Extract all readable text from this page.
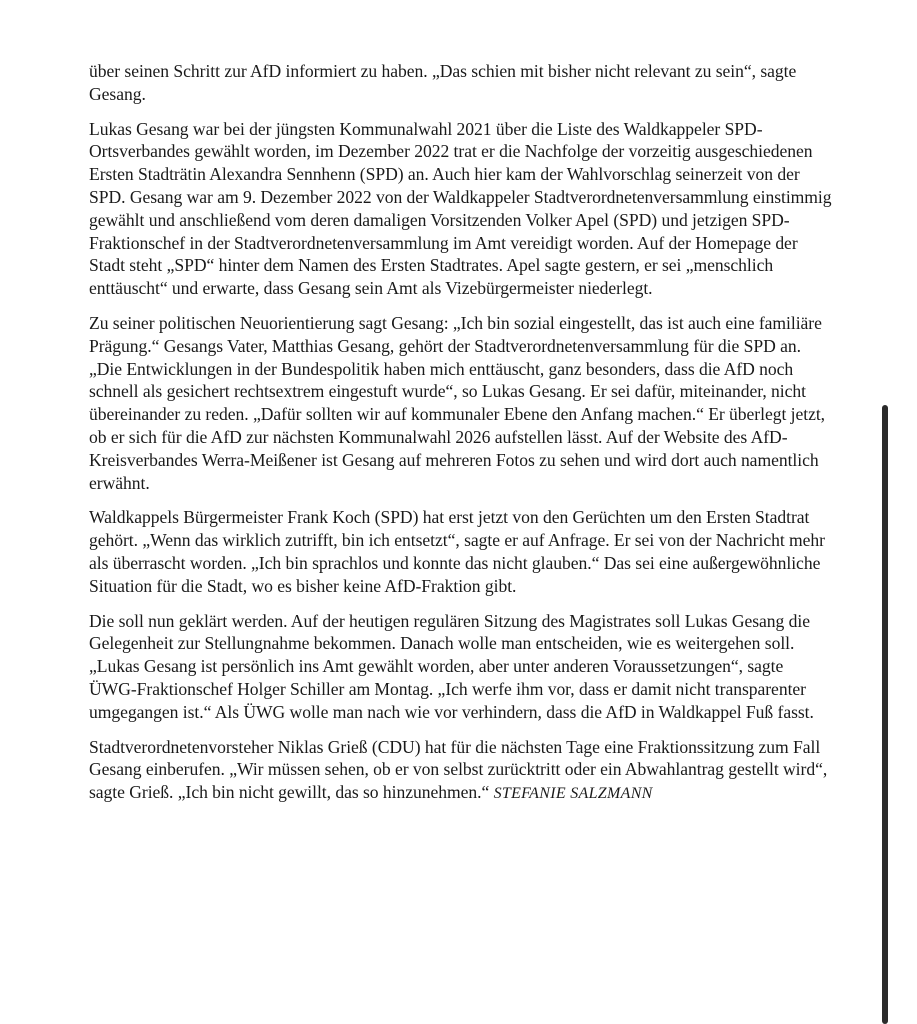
über seinen Schritt zur AfD informiert zu haben. „Das schien mit bisher nicht relevant zu sein“, sagte Gesang.

Lukas Gesang war bei der jüngsten Kommunalwahl 2021 über die Liste des Waldkappeler SPD-Ortsverbandes gewählt worden, im Dezember 2022 trat er die Nachfolge der vorzeitig ausgeschiedenen Ersten Stadträtin Alexandra Sennhenn (SPD) an. Auch hier kam der Wahlvorschlag seinerzeit von der SPD. Gesang war am 9. Dezember 2022 von der Waldkappeler Stadtverordnetenversammlung einstimmig gewählt und anschließend vom deren damaligen Vorsitzenden Volker Apel (SPD) und jetzigen SPD-Fraktionschef in der Stadtverordnetenversammlung im Amt vereidigt worden. Auf der Homepage der Stadt steht „SPD“ hinter dem Namen des Ersten Stadtrates. Apel sagte gestern, er sei „menschlich enttäuscht“ und erwarte, dass Gesang sein Amt als Vizebürgermeister niederlegt.

Zu seiner politischen Neuorientierung sagt Gesang: „Ich bin sozial eingestellt, das ist auch eine familiäre Prägung.“ Gesangs Vater, Matthias Gesang, gehört der Stadtverordnetenversammlung für die SPD an. „Die Entwicklungen in der Bundespolitik haben mich enttäuscht, ganz besonders, dass die AfD noch schnell als gesichert rechtsextrem eingestuft wurde“, so Lukas Gesang. Er sei dafür, miteinander, nicht übereinander zu reden. „Dafür sollten wir auf kommunaler Ebene den Anfang machen.“ Er überlegt jetzt, ob er sich für die AfD zur nächsten Kommunalwahl 2026 aufstellen lässt. Auf der Website des AfD-Kreisverbandes Werra-Meißener ist Gesang auf mehreren Fotos zu sehen und wird dort auch namentlich erwähnt.

Waldkappels Bürgermeister Frank Koch (SPD) hat erst jetzt von den Gerüchten um den Ersten Stadtrat gehört. „Wenn das wirklich zutrifft, bin ich entsetzt“, sagte er auf Anfrage. Er sei von der Nachricht mehr als überrascht worden. „Ich bin sprachlos und konnte das nicht glauben.“ Das sei eine außergewöhnliche Situation für die Stadt, wo es bisher keine AfD-Fraktion gibt.

Die soll nun geklärt werden. Auf der heutigen regulären Sitzung des Magistrates soll Lukas Gesang die Gelegenheit zur Stellungnahme bekommen. Danach wolle man entscheiden, wie es weitergehen soll. „Lukas Gesang ist persönlich ins Amt gewählt worden, aber unter anderen Voraussetzungen“, sagte ÜWG-Fraktionschef Holger Schiller am Montag. „Ich werfe ihm vor, dass er damit nicht transparenter umgegangen ist.“ Als ÜWG wolle man nach wie vor verhindern, dass die AfD in Waldkappel Fuß fasst.

Stadtverordnetenvorsteher Niklas Grieß (CDU) hat für die nächsten Tage eine Fraktionssitzung zum Fall Gesang einberufen. „Wir müssen sehen, ob er von selbst zurücktritt oder ein Abwahlantrag gestellt wird“, sagte Grieß. „Ich bin nicht gewillt, das so hinzunehmen.“ STEFANIE SALZMANN
